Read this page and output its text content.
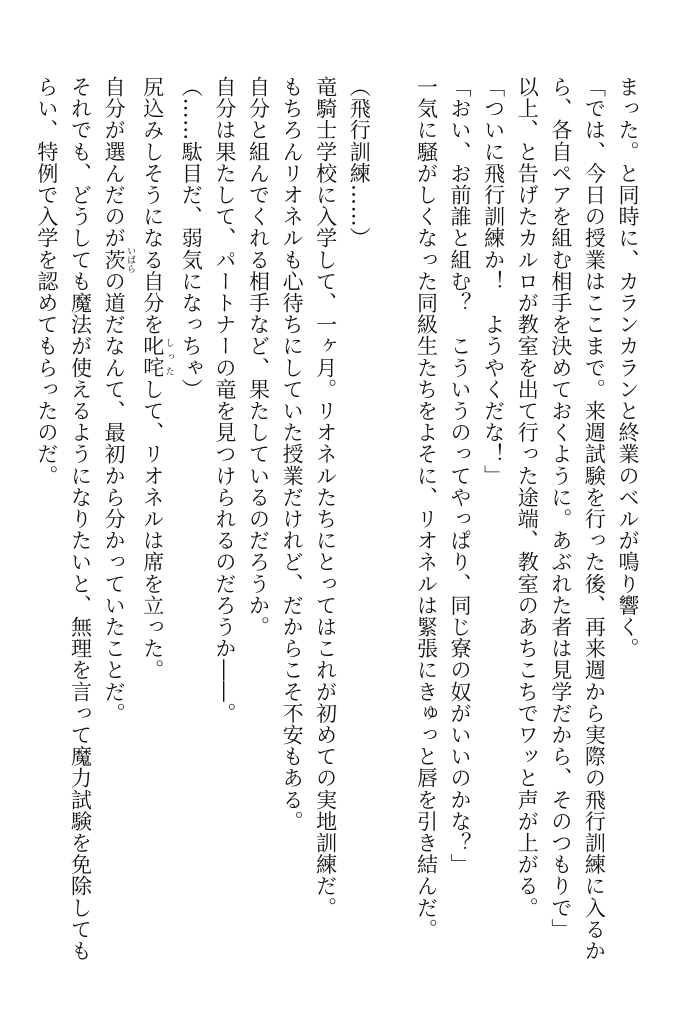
まった。と同時に、カランカランと終業のベルが鳴り響く。
「では、今日の授業はここまで。来週試験を行った後、再来週から実際の飛行訓練に入るか
ら、各自ペアを組む相手を決めておくように。あぶれた者は見学だから、そのつもりで」
以上、と告げたカルロが教室を出て行った途端、教室のあちこちでワッと声が上がる。
「ついに飛行訓練か！　ようやくだな！」
「おい、お前誰と組む？　こういうのってやっぱり、同じ寮の奴がいいのかな？」
一気に騒がしくなった同級生たちをよそに、リオネルは緊張にきゅっと唇を引き結んだ。
（飛行訓練……）
竜騎士学校に入学して、一ヶ月。リオネルたちにとってはこれが初めての実地訓練だ。
もちろんリオネルも心待ちにしていた授業だけれど、だからこそ不安もある。
自分と組んでくれる相手など、果たしているのだろうか。
自分は果たして、パートナーの竜を見つけられるのだろうか――。
（……駄目だ、弱気になっちゃ）
尻込みしそうになる自分を叱咤 しったして、リオネルは席を立った。
自分が選んだのが茨 いばらの道だなんて、最初から分かっていたことだ。
それでも、どうしても魔法が使えるようになりたいと、無理を言って魔力試験を免除しても
らい、特例で入学を認めてもらったのだ。
